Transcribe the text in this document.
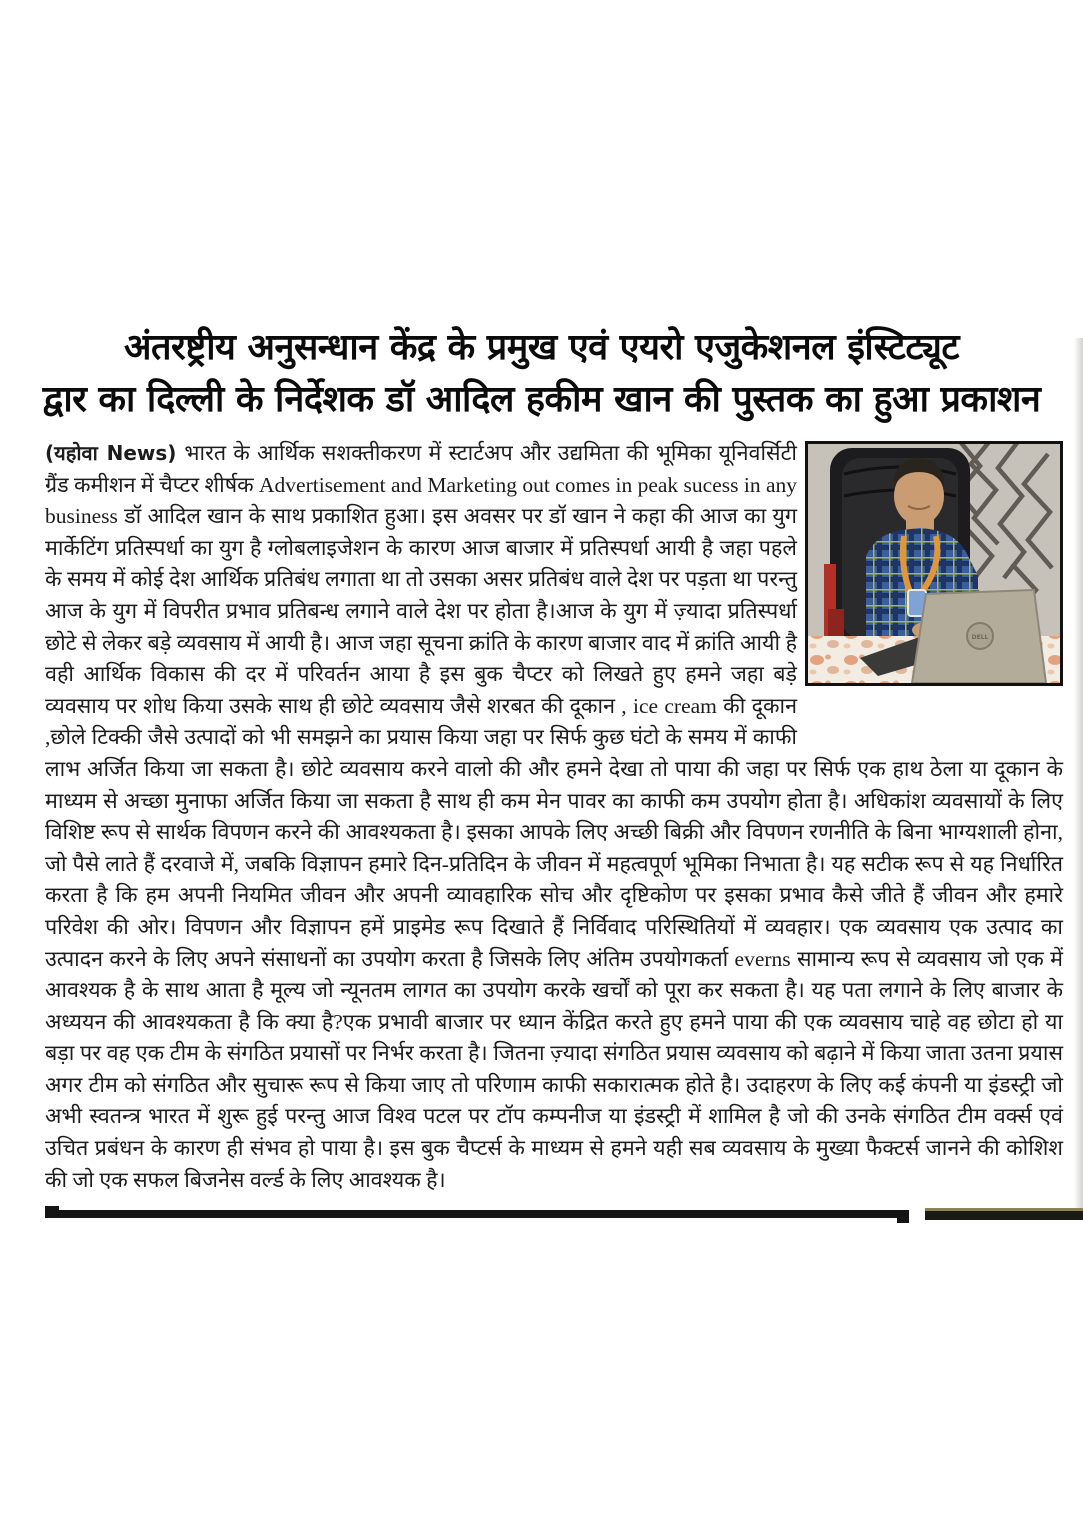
अंतरष्ट्रीय अनुसन्धान केंद्र के प्रमुख एवं एयरो एजुकेशनल इंस्टिट्यूट
द्वार का दिल्ली के निर्देशक डॉ आदिल हकीम खान की पुस्तक का हुआ प्रकाशन
DELL
(यहोवा News) भारत के आर्थिक सशक्तीकरण में स्टार्टअप और उद्यमिता की भूमिका यूनिवर्सिटी ग्रैंड कमीशन में चैप्टर शीर्षक Advertisement and Marketing out comes in peak sucess in any business डॉ आदिल खान के साथ प्रकाशित हुआ। इस अवसर पर डॉ खान ने कहा की आज का युग मार्केटिंग प्रतिस्पर्धा का युग है ग्लोबलाइजेशन के कारण आज बाजार में प्रतिस्पर्धा आयी है जहा पहले के समय में कोई देश आर्थिक प्रतिबंध लगाता था तो उसका असर प्रतिबंध वाले देश पर पड़ता था परन्तु आज के युग में विपरीत प्रभाव प्रतिबन्ध लगाने वाले देश पर होता है।आज के युग में ज़्यादा प्रतिस्पर्धा छोटे से लेकर बड़े व्यवसाय में आयी है। आज जहा सूचना क्रांति के कारण बाजार वाद में क्रांति आयी है वही आर्थिक विकास की दर में परिवर्तन आया है इस बुक चैप्टर को लिखते हुए हमने जहा बड़े व्यवसाय पर शोध किया उसके साथ ही छोटे व्यवसाय जैसे शरबत की दूकान , ice cream की दूकान ,छोले टिक्की जैसे उत्पादों को भी समझने का प्रयास किया जहा पर सिर्फ कुछ घंटो के समय में काफी लाभ अर्जित किया जा सकता है। छोटे व्यवसाय करने वालो की और हमने देखा तो पाया की जहा पर सिर्फ एक हाथ ठेला या दूकान के माध्यम से अच्छा मुनाफा अर्जित किया जा सकता है साथ ही कम मेन पावर का काफी कम उपयोग होता है। अधिकांश व्यवसायों के लिए विशिष्ट रूप से सार्थक विपणन करने की आवश्यकता है। इसका आपके लिए अच्छी बिक्री और विपणन रणनीति के बिना भाग्यशाली होना, जो पैसे लाते हैं दरवाजे में, जबकि विज्ञापन हमारे दिन-प्रतिदिन के जीवन में महत्वपूर्ण भूमिका निभाता है। यह सटीक रूप से यह निर्धारित करता है कि हम अपनी नियमित जीवन और अपनी व्यावहारिक सोच और दृष्टिकोण पर इसका प्रभाव कैसे जीते हैं जीवन और हमारे परिवेश की ओर। विपणन और विज्ञापन हमें प्राइमेड रूप दिखाते हैं निर्विवाद परिस्थितियों में व्यवहार। एक व्यवसाय एक उत्पाद का उत्पादन करने के लिए अपने संसाधनों का उपयोग करता है जिसके लिए अंतिम उपयोगकर्ता everns सामान्य रूप से व्यवसाय जो एक में आवश्यक है के साथ आता है मूल्य जो न्यूनतम लागत का उपयोग करके खर्चों को पूरा कर सकता है। यह पता लगाने के लिए बाजार के अध्ययन की आवश्यकता है कि क्या है?एक प्रभावी बाजार पर ध्यान केंद्रित करते हुए हमने पाया की एक व्यवसाय चाहे वह छोटा हो या बड़ा पर वह एक टीम के संगठित प्रयासों पर निर्भर करता है। जितना ज़्यादा संगठित प्रयास व्यवसाय को बढ़ाने में किया जाता उतना प्रयास अगर टीम को संगठित और सुचारू रूप से किया जाए तो परिणाम काफी सकारात्मक होते है। उदाहरण के लिए कई कंपनी या इंडस्ट्री जो अभी स्वतन्त्र भारत में शुरू हुई परन्तु आज विश्व पटल पर टॉप कम्पनीज या इंडस्ट्री में शामिल है जो की उनके संगठित टीम वर्क्स एवं उचित प्रबंधन के कारण ही संभव हो पाया है। इस बुक चैप्टर्स के माध्यम से हमने यही सब व्यवसाय के मुख्या फैक्टर्स जानने की कोशिश की जो एक सफल बिजनेस वर्ल्ड के लिए आवश्यक है।
